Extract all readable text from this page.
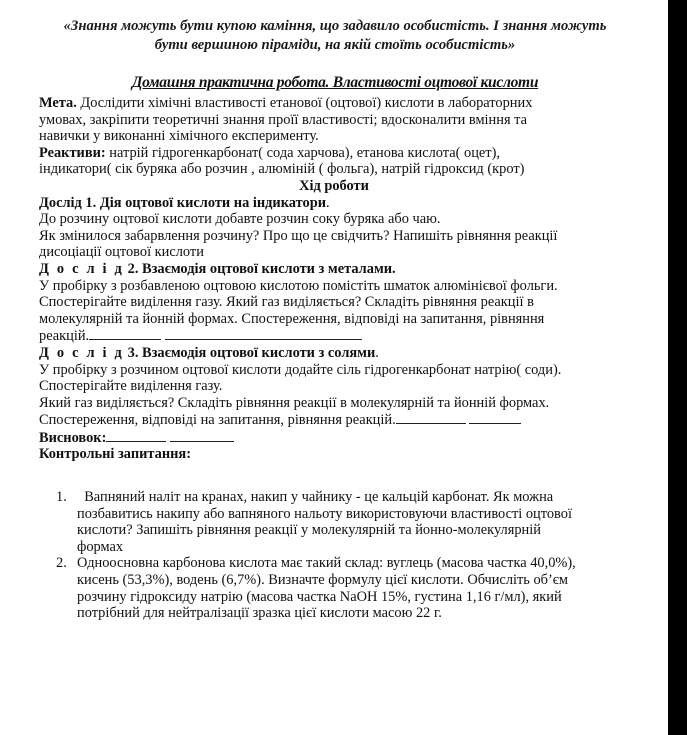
«Знання можуть бути купою каміння, що задавило особистість. І знання можуть
бути вершиною піраміди, на якій стоїть особистість»
Домашня практична робота. Властивості оцтової кислоти
Мета. Дослідити хімічні властивості етанової (оцтової) кислоти в лабораторних
умовах, закріпити теоретичні знання проїї властивості; вдосконалити вміння та
навички у виконанні хімічного експерименту.
Реактиви: натрій гідрогенкарбонат( сода харчова), етанова кислота( оцет),
індикатори( сік буряка або розчин , алюміній ( фольга), натрій гідроксид (крот)
Хід роботи
Дослід 1. Дія оцтової кислоти на індикатори.
До розчину оцтової кислоти добавте розчин соку буряка або чаю.
Як змінилося забарвлення розчину? Про що це свідчить? Напишіть рівняння реакції
дисоціації оцтової кислоти
Д о с л і д 2. Взаємодія оцтової кислоти з металами.
У пробірку з розбавленою оцтовою кислотою помістіть шматок алюмінієвої фольги.
Спостерігайте виділення газу. Який газ виділяється? Складіть рівняння реакції в
молекулярній та йонній формах. Спостереження, відповіді на запитання, рівняння
реакцій.
Д о с л і д 3. Взаємодія оцтової кислоти з солями.
У пробірку з розчином оцтової кислоти додайте сіль гідрогенкарбонат натрію( соди).
Спостерігайте виділення газу.
Який газ виділяється? Складіть рівняння реакції в молекулярній та йонній формах.
Спостереження, відповіді на запитання, рівняння реакцій.
Висновок:
Контрольні запитання:
1. Вапняний наліт на кранах, накип у чайнику - це кальцій карбонат. Як можна
позбавитись накипу або вапняного нальоту використовуючи властивості оцтової
кислоти? Запишіть рівняння реакції у молекулярній та йонно-молекулярній
формах
2. Одноосновна карбонова кислота має такий склад: вуглець (масова частка 40,0%),
кисень (53,3%), водень (6,7%). Визначте формулу цієї кислоти. Обчисліть об’єм
розчину гідроксиду натрію (масова частка NaOH 15%, густина 1,16 г/мл), який
потрібний для нейтралізації зразка цієї кислоти масою 22 г.
